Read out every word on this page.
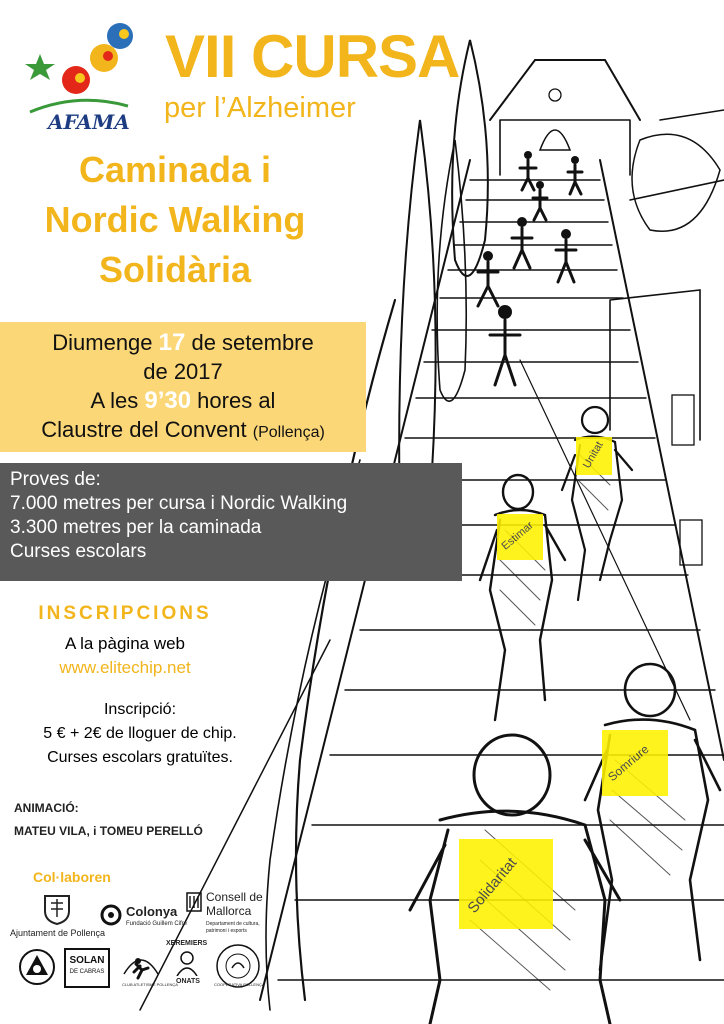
Unitat
Estimar
Somriure
Solidaritat
AFAMA
VII CURSA
per l’Alzheimer
Caminada i
Nordic Walking
Solidària
Diumenge 17 de setembre
de 2017
A les 9’30 hores al
Claustre del Convent (Pollença)
Proves de:
7.000 metres per cursa i Nordic Walking
3.300 metres per la caminada
Curses escolars
INSCRIPCIONS
A la pàgina web
www.elitechip.net
Inscripció:
5 € + 2€ de lloguer de chip.
Curses escolars gratuïtes.
ANIMACIÓ:
MATEU VILA, i TOMEU PERELLÓ
Col·laboren
Ajuntament de Pollença
Colonya
Fundació Guillem Cifre
Consell de
Mallorca
Departament de cultura, patrimoni i esports
SOLAN
DE CABRAS
CLUB ATLETISME POLLENÇA
XEREMIERS
ONATS	COOPERATIVA POLLENÇA
